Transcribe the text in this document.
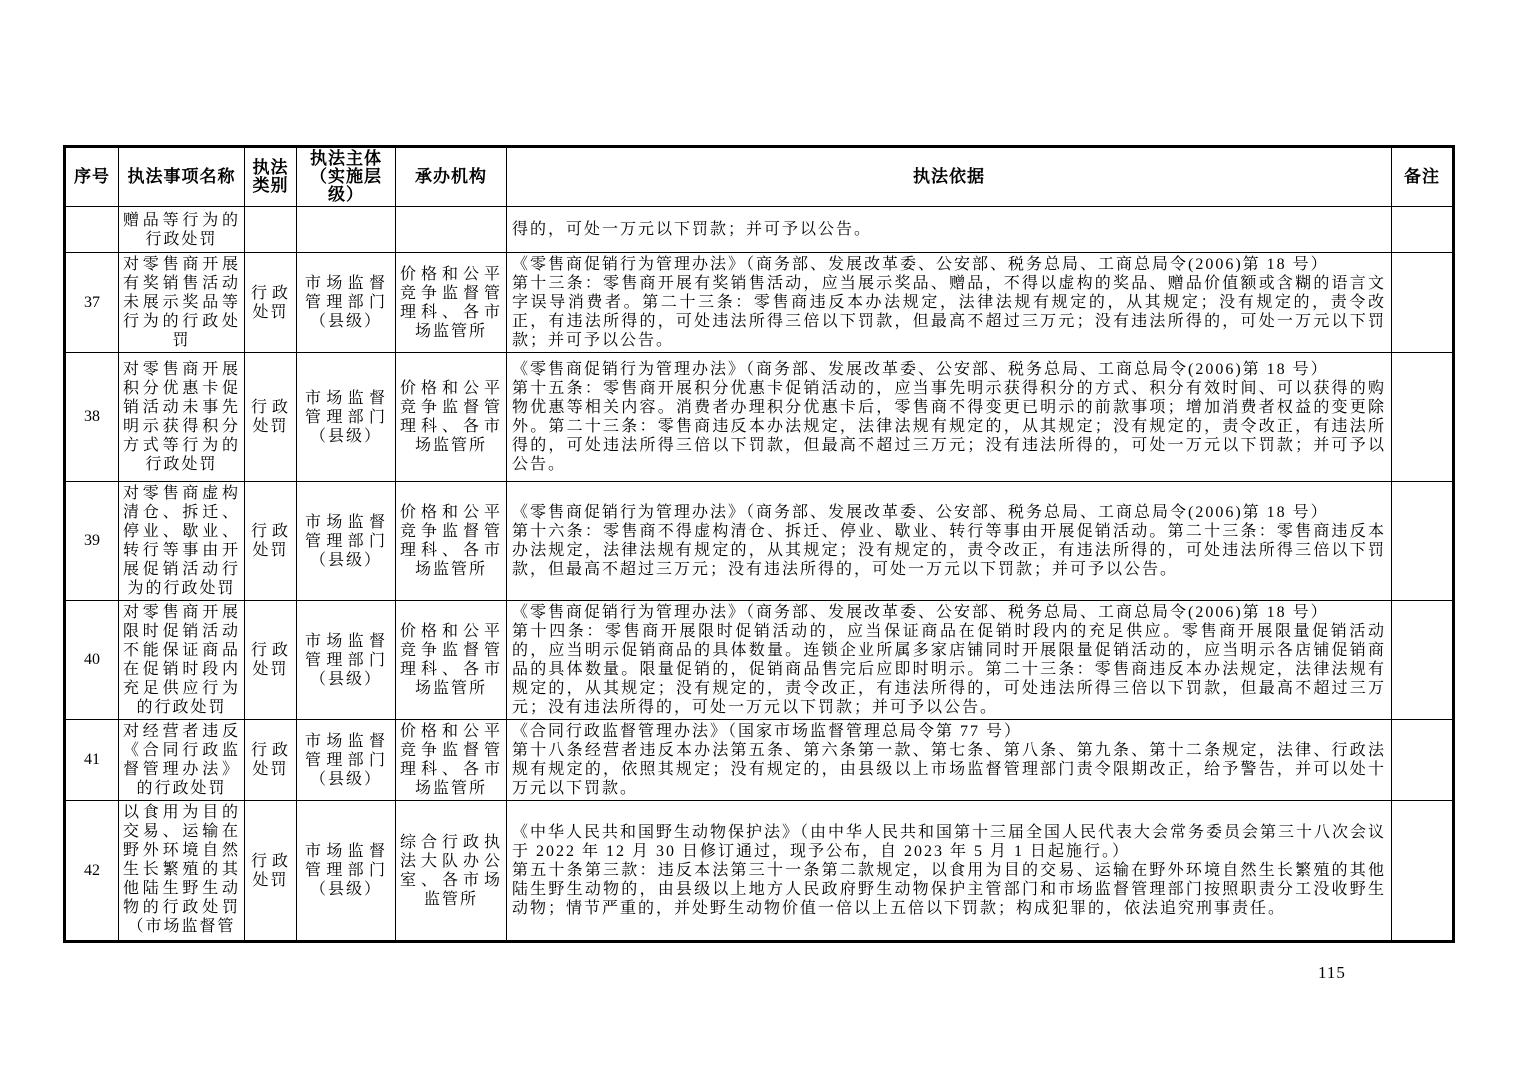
序号	执法事项名称	执法类别	执法主体（实施层级）	承办机构	执法依据	备注
	赠品等行为的行政处罚				得的，可处一万元以下罚款；并可予以公告。	

37	对零售商开展有奖销售活动未展示奖品等行为的行政处罚	行政处罚	市场监督管理部门（县级）	价格和公平竞争监督管理科、各市场监管所	《零售商促销行为管理办法》（商务部、发展改革委、公安部、税务总局、工商总局令(2006)第 18 号）
第十三条：零售商开展有奖销售活动，应当展示奖品、赠品，不得以虚构的奖品、赠品价值额或含糊的语言文字误导消费者。第二十三条：零售商违反本办法规定，法律法规有规定的，从其规定；没有规定的，责令改正，有违法所得的，可处违法所得三倍以下罚款，但最高不超过三万元；没有违法所得的，可处一万元以下罚款；并可予以公告。	

38	对零售商开展积分优惠卡促销活动未事先明示获得积分方式等行为的行政处罚	行政处罚	市场监督管理部门（县级）	价格和公平竞争监督管理科、各市场监管所	《零售商促销行为管理办法》（商务部、发展改革委、公安部、税务总局、工商总局令(2006)第 18 号）
第十五条：零售商开展积分优惠卡促销活动的，应当事先明示获得积分的方式、积分有效时间、可以获得的购物优惠等相关内容。消费者办理积分优惠卡后，零售商不得变更已明示的前款事项；增加消费者权益的变更除外。第二十三条：零售商违反本办法规定，法律法规有规定的，从其规定；没有规定的，责令改正，有违法所得的，可处违法所得三倍以下罚款，但最高不超过三万元；没有违法所得的，可处一万元以下罚款；并可予以公告。	

39	对零售商虚构清仓、拆迁、停业、歇业、转行等事由开展促销活动行为的行政处罚	行政处罚	市场监督管理部门（县级）	价格和公平竞争监督管理科、各市场监管所	《零售商促销行为管理办法》（商务部、发展改革委、公安部、税务总局、工商总局令(2006)第 18 号）
第十六条：零售商不得虚构清仓、拆迁、停业、歇业、转行等事由开展促销活动。第二十三条：零售商违反本办法规定，法律法规有规定的，从其规定；没有规定的，责令改正，有违法所得的，可处违法所得三倍以下罚款，但最高不超过三万元；没有违法所得的，可处一万元以下罚款；并可予以公告。	

40	对零售商开展限时促销活动不能保证商品在促销时段内充足供应行为的行政处罚	行政处罚	市场监督管理部门（县级）	价格和公平竞争监督管理科、各市场监管所	《零售商促销行为管理办法》（商务部、发展改革委、公安部、税务总局、工商总局令(2006)第 18 号）
第十四条：零售商开展限时促销活动的，应当保证商品在促销时段内的充足供应。零售商开展限量促销活动的，应当明示促销商品的具体数量。连锁企业所属多家店铺同时开展限量促销活动的，应当明示各店铺促销商品的具体数量。限量促销的，促销商品售完后应即时明示。第二十三条：零售商违反本办法规定，法律法规有规定的，从其规定；没有规定的，责令改正，有违法所得的，可处违法所得三倍以下罚款，但最高不超过三万元；没有违法所得的，可处一万元以下罚款；并可予以公告。	

41	对经营者违反《合同行政监督管理办法》的行政处罚	行政处罚	市场监督管理部门（县级）	价格和公平竞争监督管理科、各市场监管所	《合同行政监督管理办法》（国家市场监督管理总局令第 77 号）
第十八条经营者违反本办法第五条、第六条第一款、第七条、第八条、第九条、第十二条规定，法律、行政法规有规定的，依照其规定；没有规定的，由县级以上市场监督管理部门责令限期改正，给予警告，并可以处十万元以下罚款。	

42	以食用为目的交易、运输在野外环境自然生长繁殖的其他陆生野生动物的行政处罚（市场监督管	行政处罚	市场监督管理部门（县级）	综合行政执法大队办公室、各市场监管所	《中华人民共和国野生动物保护法》（由中华人民共和国第十三届全国人民代表大会常务委员会第三十八次会议于 2022 年 12 月 30 日修订通过，现予公布，自 2023 年 5 月 1 日起施行。）
第五十条第三款：违反本法第三十一条第二款规定，以食用为目的交易、运输在野外环境自然生长繁殖的其他陆生野生动物的，由县级以上地方人民政府野生动物保护主管部门和市场监督管理部门按照职责分工没收野生动物；情节严重的，并处野生动物价值一倍以上五倍以下罚款；构成犯罪的，依法追究刑事责任。	

115
